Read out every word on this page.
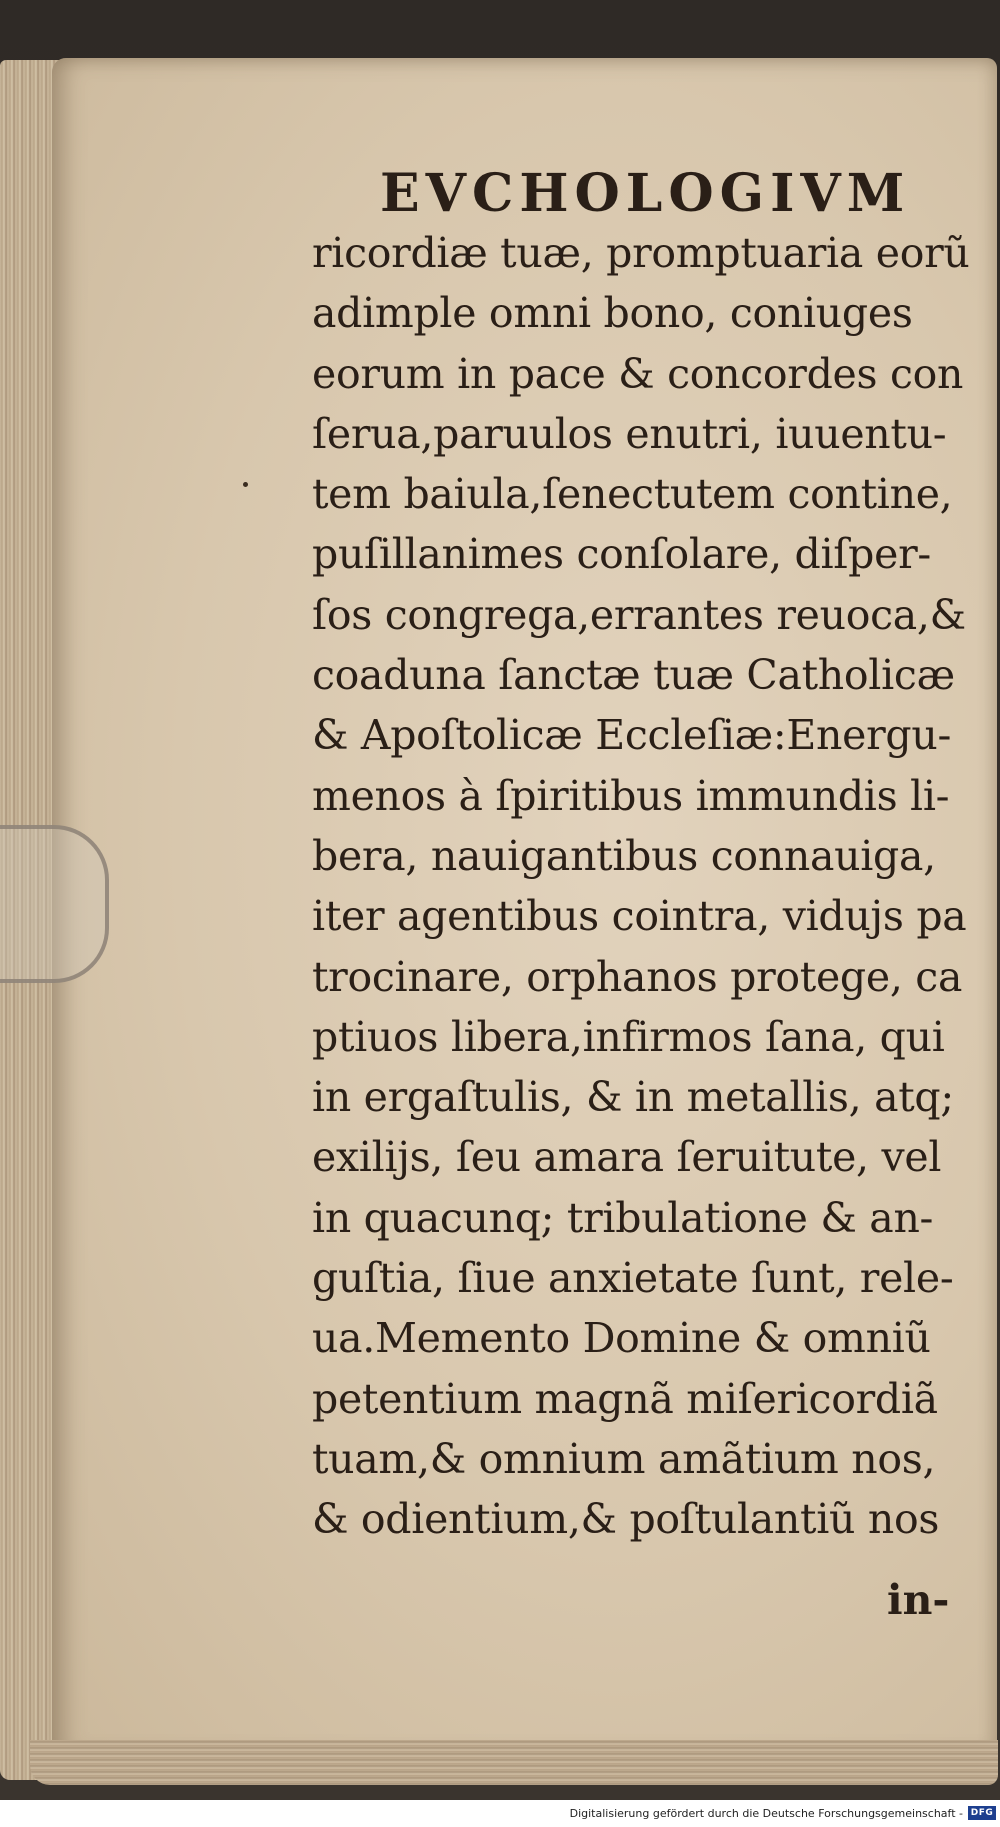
EVCHOLOGIVM
ricordiæ tuæ, promptuaria eorũ
adimple omni bono, coniuges
eorum in pace & concordes con
ſerua,paruulos enutri, iuuentu-
tem baiula,ſenectutem contine,
puſillanimes conſolare, diſper-
ſos congrega,errantes reuoca,&
coaduna ſanctæ tuæ Catholicæ
& Apoſtolicæ Eccleſiæ:Energu-
menos à ſpiritibus immundis li-
bera, nauigantibus connauiga,
iter agentibus cointra, vidujs pa
trocinare, orphanos protege, ca
ptiuos libera,infirmos ſana, qui
in ergaſtulis, & in metallis, atq;
exilijs, ſeu amara ſeruitute, vel
in quacunq; tribulatione & an-
guſtia, ſiue anxietate ſunt, rele-
ua.Memento Domine & omniũ
petentium magnã miſericordiã
tuam,& omnium amãtium nos,
& odientium,& poſtulantiũ nos
in-
Digitalisierung gefördert durch die Deutsche Forschungsgemeinschaft - DFG
